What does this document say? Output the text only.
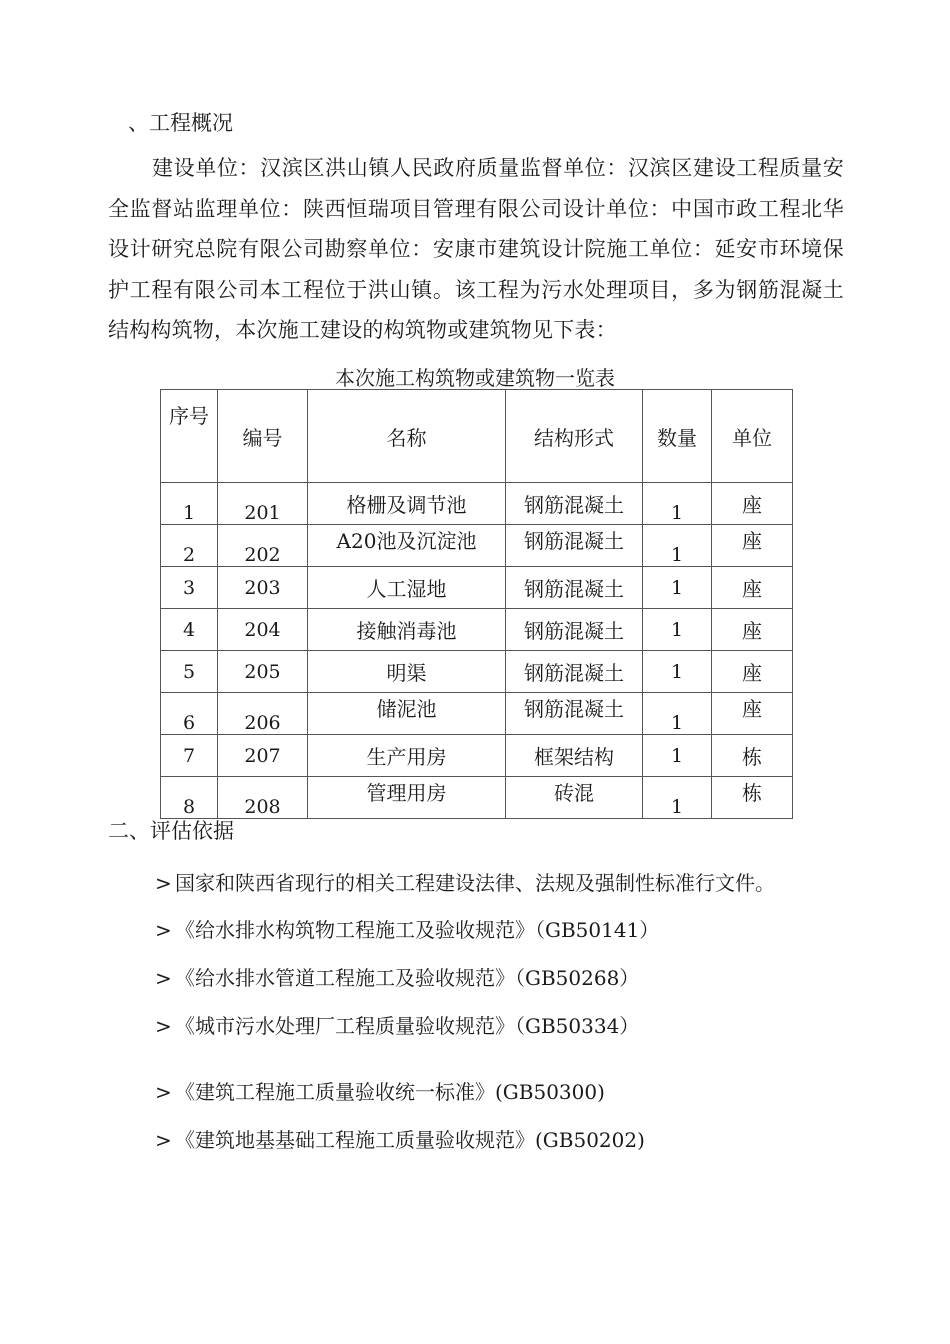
、工程概况
建设单位：汉滨区洪山镇人民政府质量监督单位：汉滨区建设工程质量安全监督站监理单位：陕西恒瑞项目管理有限公司设计单位：中国市政工程北华设计研究总院有限公司勘察单位：安康市建筑设计院施工单位：延安市环境保护工程有限公司本工程位于洪山镇。该工程为污水处理项目，多为钢筋混凝土结构构筑物，本次施工建设的构筑物或建筑物见下表：
本次施工构筑物或建筑物一览表
序号	编号	名称	结构形式	数量	单位
1	201	格栅及调节池	钢筋混凝土	1	座
2	202	A20池及沉淀池	钢筋混凝土	1	座
3	203	人工湿地	钢筋混凝土	1	座
4	204	接触消毒池	钢筋混凝土	1	座
5	205	明渠	钢筋混凝土	1	座
6	206	储泥池	钢筋混凝土	1	座
7	207	生产用房	框架结构	1	栋
8	208	管理用房	砖混	1	栋
二、评估依据
> 国家和陕西省现行的相关工程建设法律、法规及强制性标准行文件。
> 《给水排水构筑物工程施工及验收规范》（GB50141）
> 《给水排水管道工程施工及验收规范》（GB50268）
> 《城市污水处理厂工程质量验收规范》（GB50334）
> 《建筑工程施工质量验收统一标准》(GB50300)
> 《建筑地基基础工程施工质量验收规范》(GB50202)
